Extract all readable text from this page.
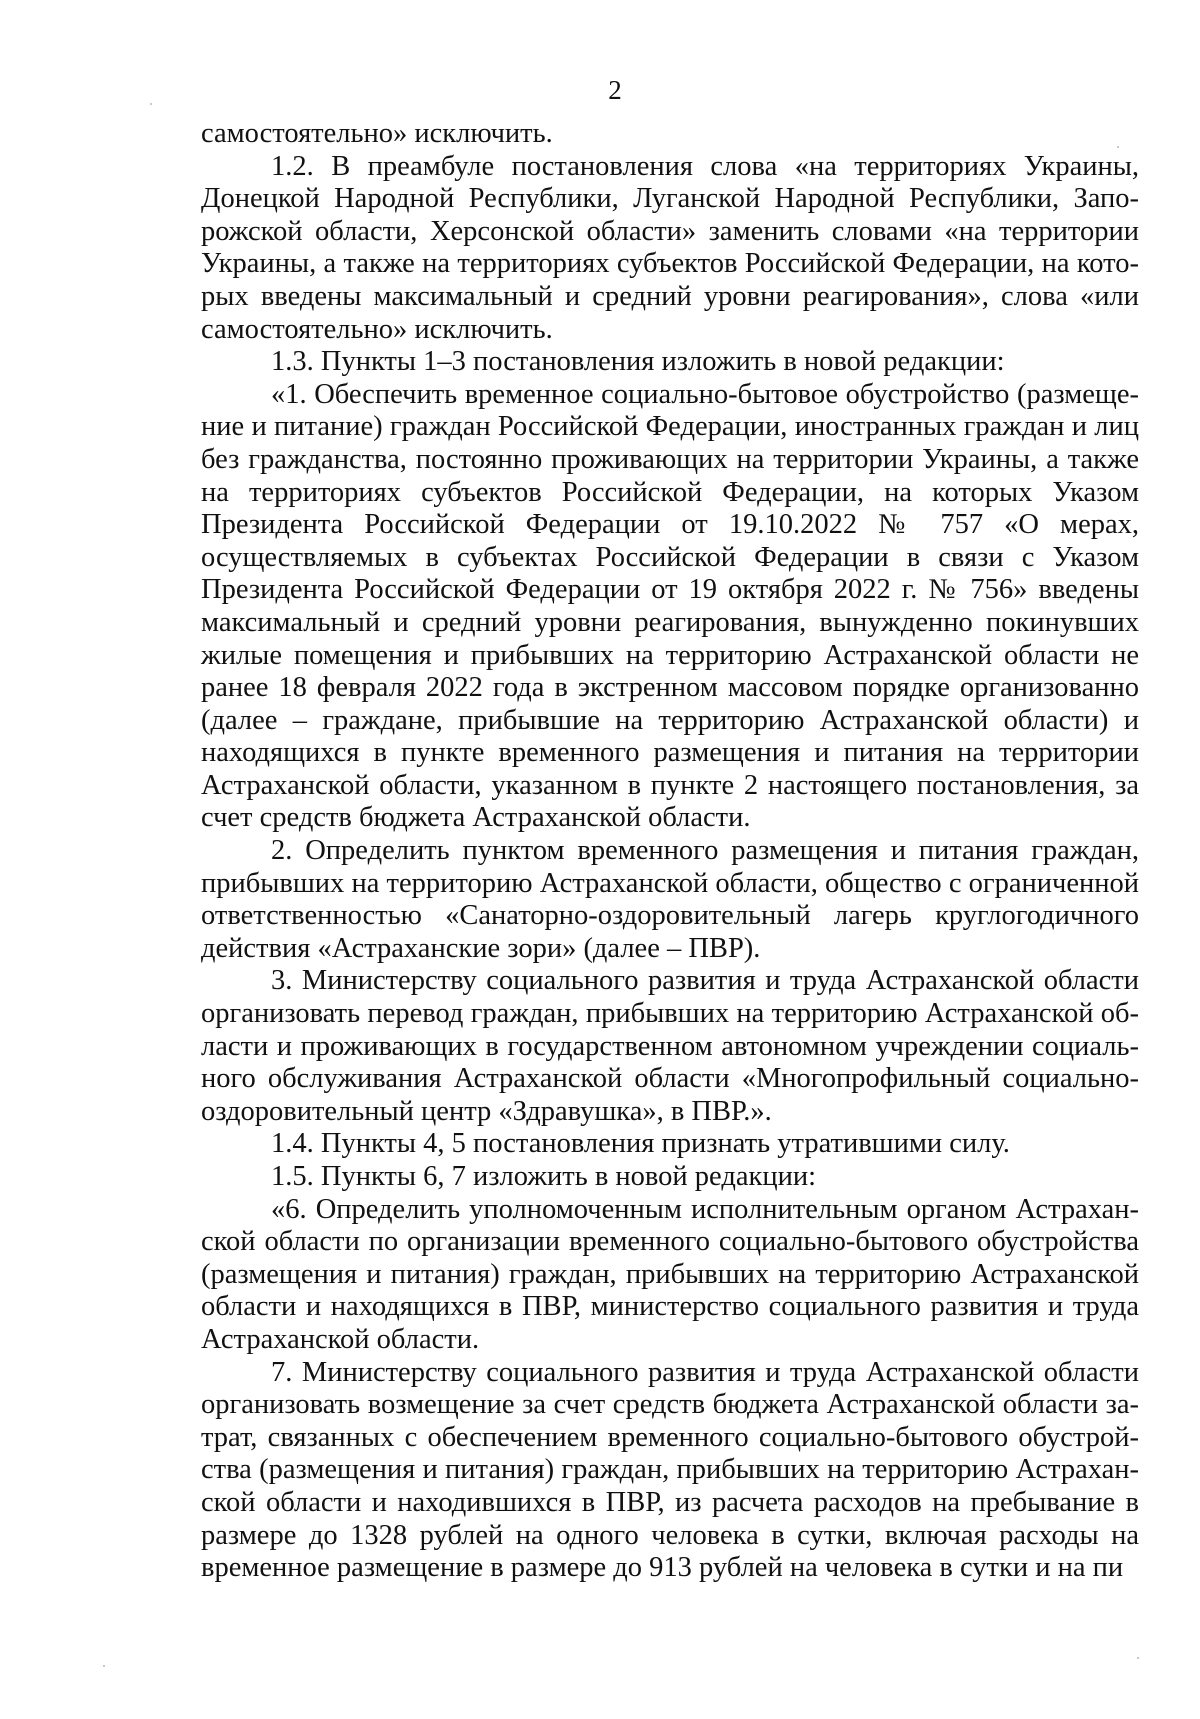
2

самостоятельно» исключить.

1.2. В преамбуле постановления слова «на территориях Украины, Донецкой Народной Республики, Луганской Народной Республики, Запорожской области, Херсонской области» заменить словами «на территории Украины, а также на территориях субъектов Российской Федерации, на которых введены максимальный и средний уровни реагирования», слова «или самостоятельно» исключить.

1.3. Пункты 1–3 постановления изложить в новой редакции:

«1. Обеспечить временное социально-бытовое обустройство (размещение и питание) граждан Российской Федерации, иностранных граждан и лиц без гражданства, постоянно проживающих на территории Украины, а также на территориях субъектов Российской Федерации, на которых Указом Президента Российской Федерации от 19.10.2022 № 757 «О мерах, осуществляемых в субъектах Российской Федерации в связи с Указом Президента Российской Федерации от 19 октября 2022 г. № 756» введены максимальный и средний уровни реагирования, вынужденно покинувших жилые помещения и прибывших на территорию Астраханской области не ранее 18 февраля 2022 года в экстренном массовом порядке организованно (далее – граждане, прибывшие на территорию Астраханской области) и находящихся в пункте временного размещения и питания на территории Астраханской области, указанном в пункте 2 настоящего постановления, за счет средств бюджета Астраханской области.

2. Определить пунктом временного размещения и питания граждан, прибывших на территорию Астраханской области, общество с ограниченной ответственностью «Санаторно-оздоровительный лагерь круглогодичного действия «Астраханские зори» (далее – ПВР).

3. Министерству социального развития и труда Астраханской области организовать перевод граждан, прибывших на территорию Астраханской области и проживающих в государственном автономном учреждении социального обслуживания Астраханской области «Многопрофильный социально-оздоровительный центр «Здравушка», в ПВР.».

1.4. Пункты 4, 5 постановления признать утратившими силу.

1.5. Пункты 6, 7 изложить в новой редакции:

«6. Определить уполномоченным исполнительным органом Астраханской области по организации временного социально-бытового обустройства (размещения и питания) граждан, прибывших на территорию Астраханской области и находящихся в ПВР, министерство социального развития и труда Астраханской области.

7. Министерству социального развития и труда Астраханской области организовать возмещение за счет средств бюджета Астраханской области затрат, связанных с обеспечением временного социально-бытового обустройства (размещения и питания) граждан, прибывших на территорию Астраханской области и находившихся в ПВР, из расчета расходов на пребывание в размере до 1328 рублей на одного человека в сутки, включая расходы на временное размещение в размере до 913 рублей на человека в сутки и на пи
